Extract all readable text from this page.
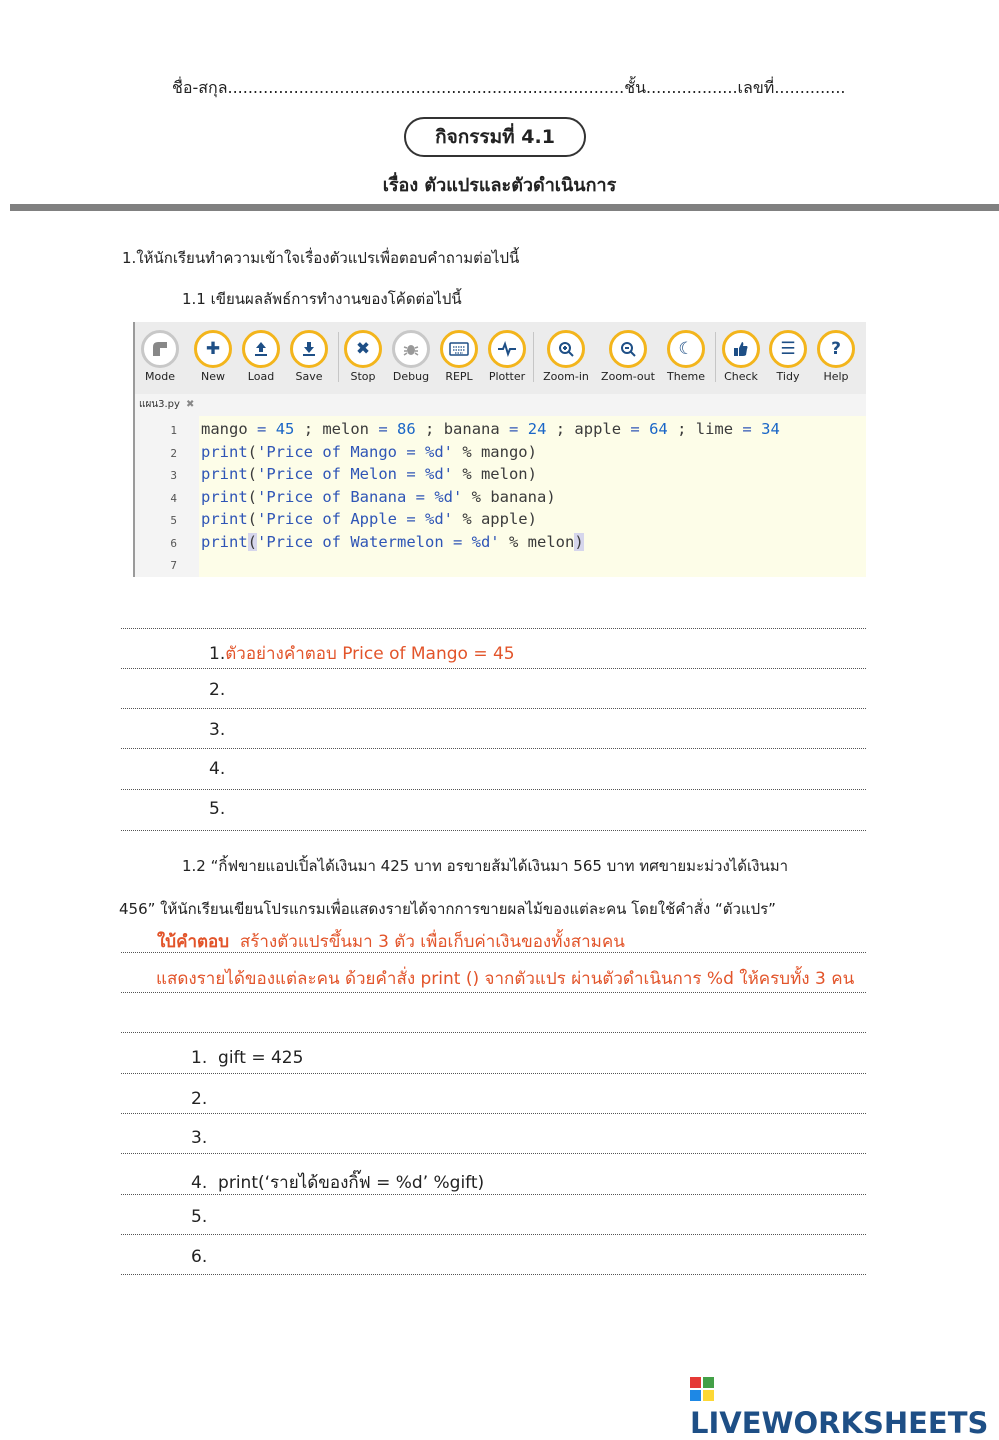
ชื่อ-สกุล..............................................................................ชั้น..................เลขที่..............
กิจกรรมที่ 4.1
เรื่อง ตัวแปรและตัวดำเนินการ
1.ให้นักเรียนทำความเข้าใจเรื่องตัวแปรเพื่อตอบคำถามต่อไปนี้
1.1 เขียนผลลัพธ์การทำงานของโค้ดต่อไปนี้
Mode
✚
New	Load	Save
✖
Stop	Debug	REPL	Plotter	Zoom-in	Zoom-out
☾
Theme	Check
☰
Tidy
?
Help
แผน3.py ✖
1
2
3
4
5
6
7
mango = 45 ; melon = 86 ; banana = 24 ; apple = 64 ; lime = 34
print('Price of Mango = %d' % mango)
print('Price of Melon = %d' % melon)
print('Price of Banana = %d' % banana)
print('Price of Apple = %d' % apple)
print('Price of Watermelon = %d' % melon)
1.ตัวอย่างคำตอบ Price of Mango = 45
2.
3.
4.
5.
1.2 “กิ้ฟขายแอปเปิ้ลได้เงินมา 425 บาท อรขายส้มได้เงินมา 565 บาท ทศขายมะม่วงได้เงินมา
456” ให้นักเรียนเขียนโปรแกรมเพื่อแสดงรายได้จากการขายผลไม้ของแต่ละคน โดยใช้คำสั่ง “ตัวแปร”
ใบ้คำตอบ สร้างตัวแปรขึ้นมา 3 ตัว เพื่อเก็บค่าเงินของทั้งสามคน
แสดงรายได้ของแต่ละคน ด้วยคำสั่ง print () จากตัวแปร ผ่านตัวดำเนินการ %d ให้ครบทั้ง 3 คน
1. gift = 425
2.
3.
4. print(‘รายได้ของกิ๊ฟ = %d’ %gift)
5.
6.
LIVEWORKSHEETS
